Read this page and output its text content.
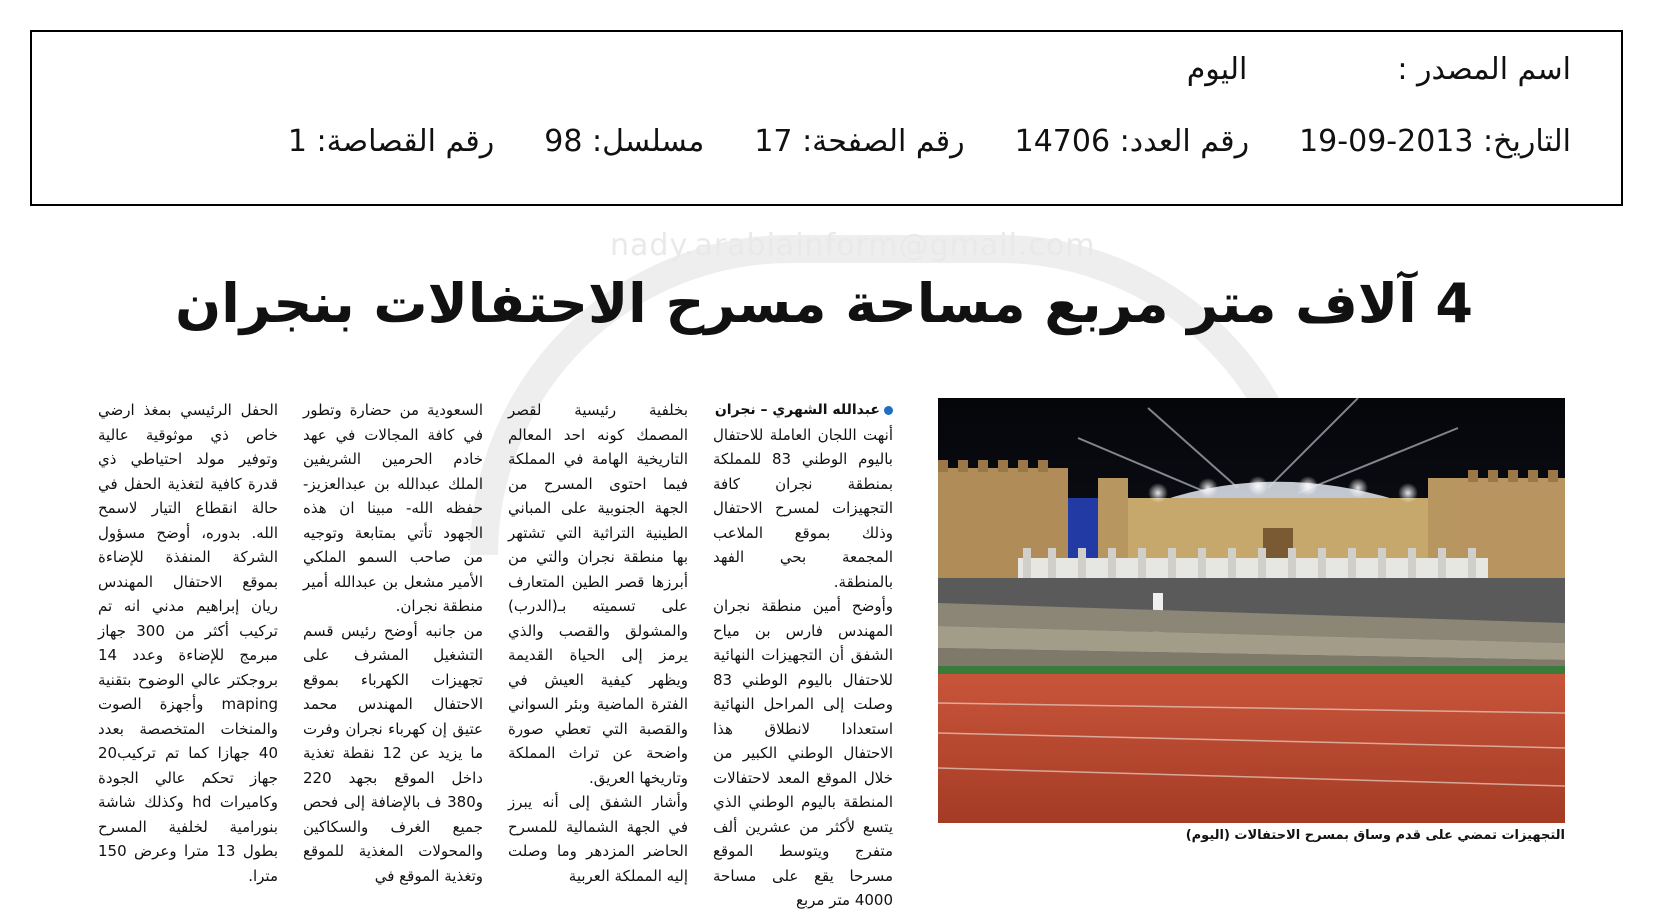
اسم المصدر :
اليوم
التاريخ: 2013-09-19
رقم العدد: 14706
رقم الصفحة: 17
مسلسل: 98
رقم القصاصة: 1
nady.arabiainform@gmail.com
4 آلاف متر مربع مساحة مسرح الاحتفالات بنجران
التجهيزات تمضي على قدم وساق بمسرح الاحتفالات (اليوم)
عبدالله الشهري – نجران
أنهت اللجان العاملة للاحتفال باليوم الوطني 83 للمملكة بمنطقة نجران كافة التجهيزات لمسرح الاحتفال وذلك بموقع الملاعب المجمعة بحي الفهد بالمنطقة.
وأوضح أمين منطقة نجران المهندس فارس بن مياح الشفق أن التجهيزات النهائية للاحتفال باليوم الوطني 83 وصلت إلى المراحل النهائية استعدادا لانطلاق هذا الاحتفال الوطني الكبير من خلال الموقع المعد لاحتفالات المنطقة باليوم الوطني الذي يتسع لأكثر من عشرين ألف متفرج ويتوسط الموقع مسرحا يقع على مساحة 4000 متر مربع
بخلفية رئيسية لقصر المصمك كونه احد المعالم التاريخية الهامة في المملكة فيما احتوى المسرح من الجهة الجنوبية على المباني الطينية التراثية التي تشتهر بها منطقة نجران والتي من أبرزها قصر الطين المتعارف على تسميته بـ(الدرب) والمشولق والقصب والذي يرمز إلى الحياة القديمة ويظهر كيفية العيش في الفترة الماضية وبئر السواني والقصبة التي تعطي صورة واضحة عن تراث المملكة وتاريخها العريق.
وأشار الشفق إلى أنه يبرز في الجهة الشمالية للمسرح الحاضر المزدهر وما وصلت إليه المملكة العربية
السعودية من حضارة وتطور في كافة المجالات في عهد خادم الحرمين الشريفين الملك عبدالله بن عبدالعزيز- حفظه الله- مبينا ان هذه الجهود تأتي بمتابعة وتوجيه من صاحب السمو الملكي الأمير مشعل بن عبدالله أمير منطقة نجران.
من جانبه أوضح رئيس قسم التشغيل المشرف على تجهيزات الكهرباء بموقع الاحتفال المهندس محمد عتيق إن كهرباء نجران وفرت ما يزيد عن 12 نقطة تغذية داخل الموقع بجهد 220 و380 ف بالإضافة إلى فحص جميع الغرف والسكاكين والمحولات المغذية للموقع وتغذية الموقع في
الحفل الرئيسي بمغذ ارضي خاص ذي موثوقية عالية وتوفير مولد احتياطي ذي قدرة كافية لتغذية الحفل في حالة انقطاع التيار لاسمح الله. بدوره، أوضح مسؤول الشركة المنفذة للإضاءة بموقع الاحتفال المهندس ريان إبراهيم مدني انه تم تركيب أكثر من 300 جهاز مبرمج للإضاءة وعدد 14 بروجكتر عالي الوضوح بتقنية maping وأجهزة الصوت والمنخات المتخصصة بعدد 40 جهازا كما تم تركيب20 جهاز تحكم عالي الجودة وكاميرات hd وكذلك شاشة بنورامية لخلفية المسرح بطول 13 مترا وعرض 150 مترا.
